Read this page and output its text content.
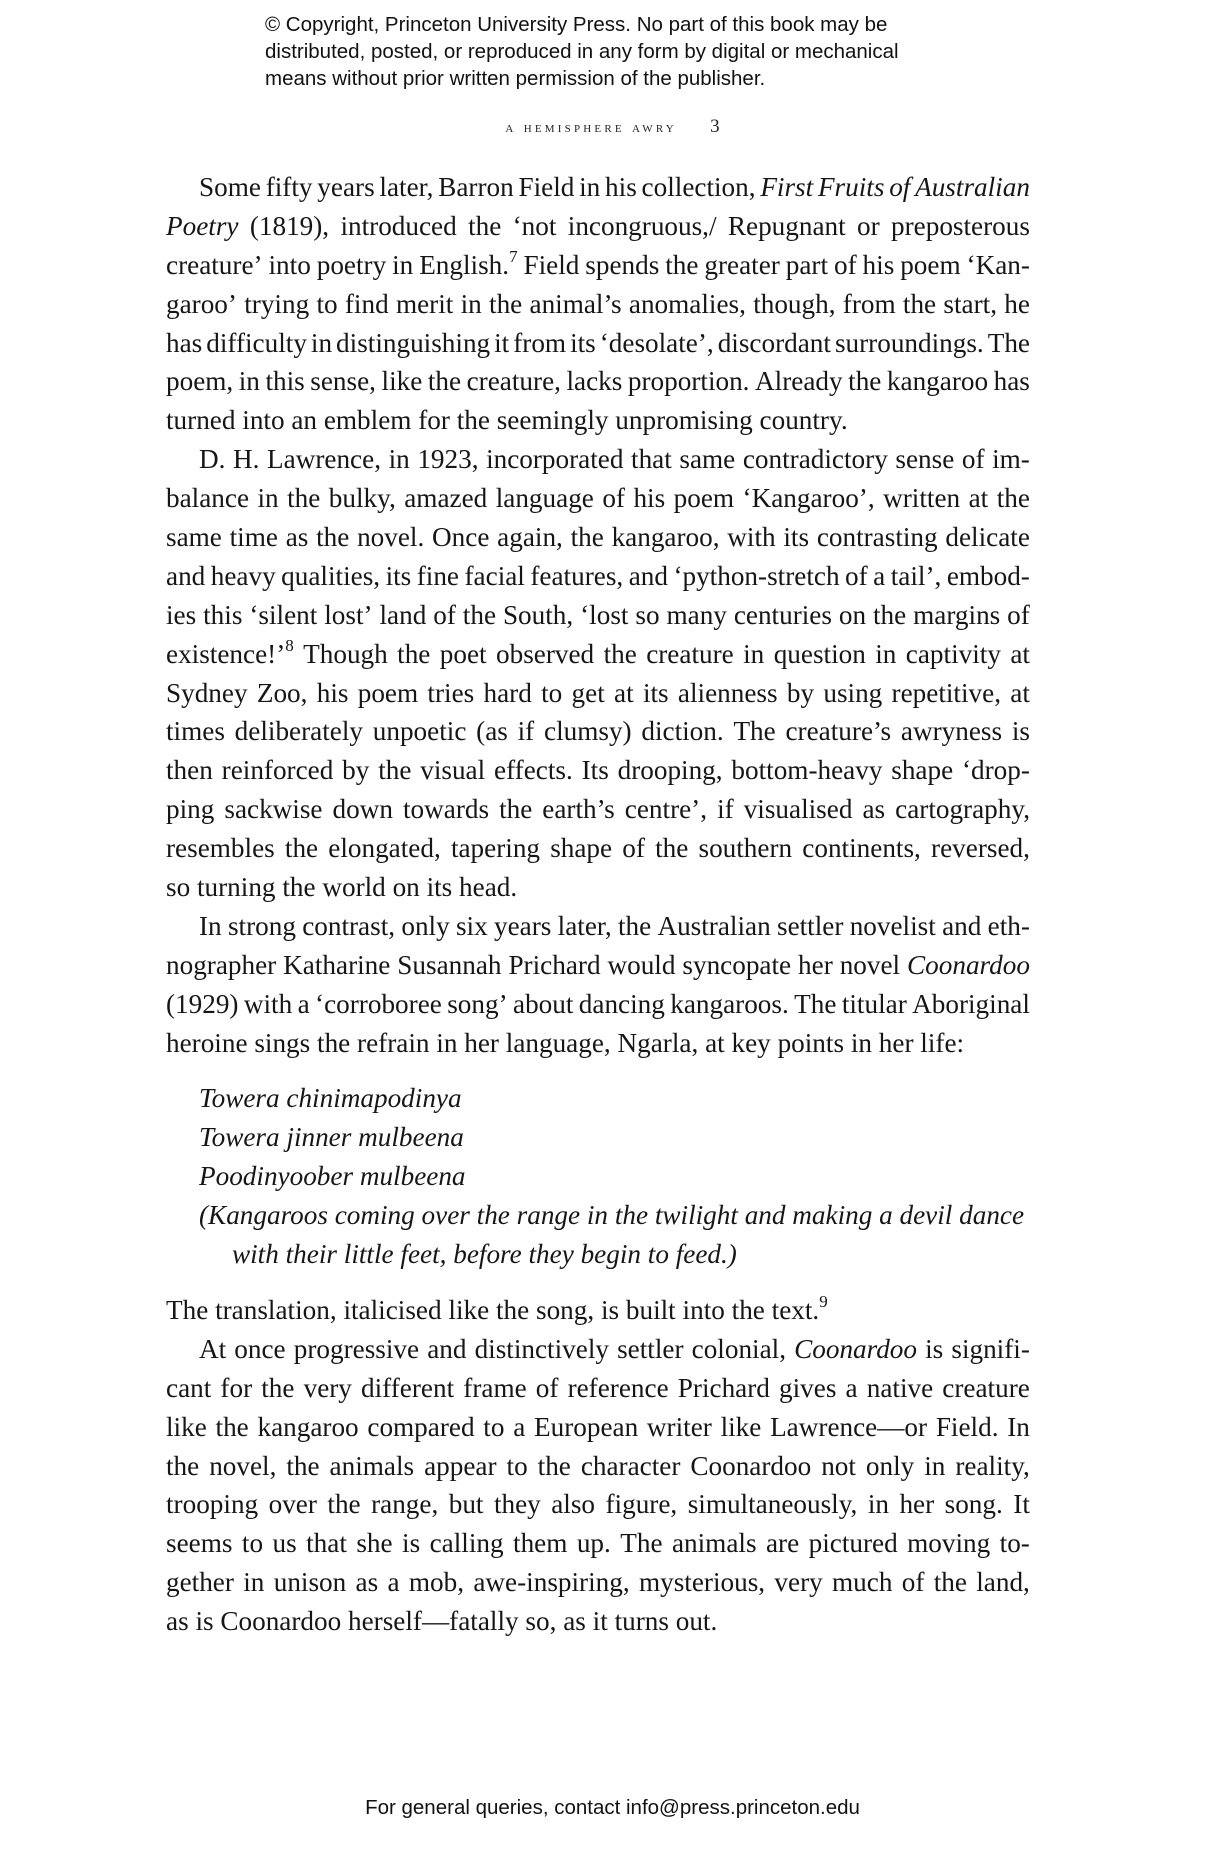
© Copyright, Princeton University Press. No part of this book may be
distributed, posted, or reproduced in any form by digital or mechanical
means without prior written permission of the publisher.
a hemisphere awry 3
Some fifty years later, Barron Field in his collection, First Fruits of Australian
Poetry (1819), introduced the ‘not incongruous,/ Repugnant or preposterous
creature’ into poetry in English.$^7$ Field spends the greater part of his poem ‘Kan-
garoo’ trying to find merit in the animal’s anomalies, though, from the start, he
has difficulty in distinguishing it from its ‘desolate’, discordant surroundings. The
poem, in this sense, like the creature, lacks proportion. Already the kangaroo has
turned
into
an
emblem
for
the
seemingly
unpromising
country.
D. H. Lawrence, in 1923, incorporated that same contradictory sense of im-
balance in the bulky, amazed language of his poem ‘Kangaroo’, written at the
same time as the novel. Once again, the kangaroo, with its contrasting delicate
and heavy qualities, its fine facial features, and ‘python-stretch of a tail’, embod-
ies this ‘silent lost’ land of the South, ‘lost so many centuries on the margins of
existence!’$^8$ Though the poet observed the creature in question in captivity at
Sydney Zoo, his poem tries hard to get at its alienness by using repetitive, at
times deliberately unpoetic (as if clumsy) diction. The creature’s awryness is
then reinforced by the visual effects. Its drooping, bottom-heavy shape ‘drop-
ping sackwise down towards the earth’s centre’, if visualised as cartography,
resembles the elongated, tapering shape of the southern continents, reversed,
so
turning
the
world
on
its
head.
In strong contrast, only six years later, the Australian settler novelist and eth-
nographer Katharine Susannah Prichard would syncopate her novel Coonardoo
(1929) with a ‘corroboree song’ about dancing kangaroos. The titular Aboriginal
heroine
sings
the
refrain
in
her
language,
Ngarla,
at
key
points
in
her
life:
Towera chinimapodinya
Towera jinner mulbeena
Poodinyoober mulbeena
(Kangaroos coming over the range in the twilight and making a devil dance
with their little feet, before they begin to feed.)
The
translation,
italicised
like
the
song,
is
built
into
the
text.$^9$
At once progressive and distinctively settler colonial, Coonardoo is signifi-
cant for the very different frame of reference Prichard gives a native creature
like the kangaroo compared to a European writer like Lawrence—or Field. In
the novel, the animals appear to the character Coonardoo not only in reality,
trooping over the range, but they also figure, simultaneously, in her song. It
seems to us that she is calling them up. The animals are pictured moving to-
gether in unison as a mob, awe-inspiring, mysterious, very much of the land,
as
is
Coonardoo
herself—fatally
so,
as
it
turns
out.
For general queries, contact info@press.princeton.edu
